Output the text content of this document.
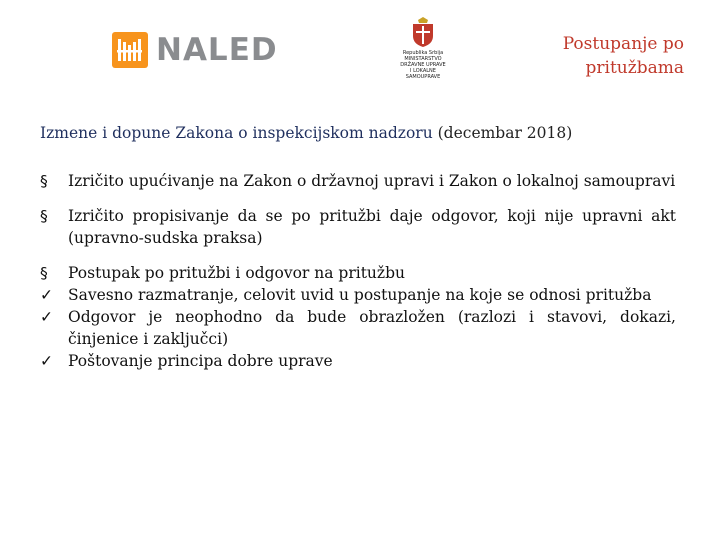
NALED	Republika Srbija
MINISTARSTVO
DRŽAVNE UPRAVE
I LOKALNE
SAMOUPRAVE
Postupanje po
pritužbama
Izmene i dopune Zakona o inspekcijskom nadzoru (decembar 2018)
§	Izričito upućivanje na Zakon o državnoj upravi i Zakon o lokalnoj samoupravi
§	Izričito propisivanje da se po pritužbi daje odgovor, koji nije upravni akt (upravno-sudska praksa)
§	Postupak po pritužbi i odgovor na pritužbu
✓ Savesno razmatranje, celovit uvid u postupanje na koje se odnosi pritužba
✓ Odgovor je neophodno da bude obrazložen (razlozi i stavovi, dokazi, činjenice i zaključci)
✓ Poštovanje principa dobre uprave
